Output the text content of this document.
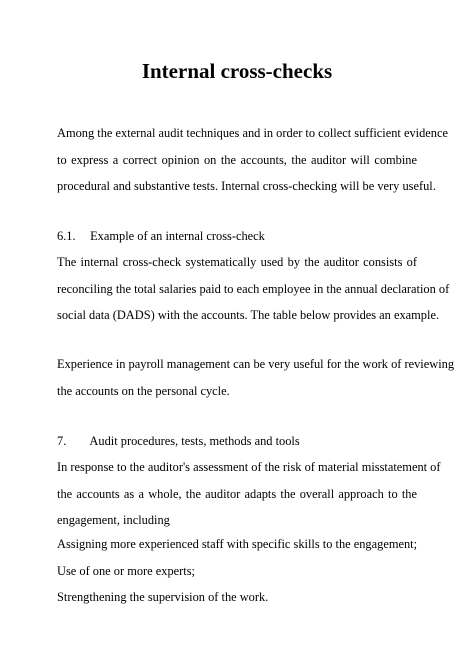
Internal cross-checks

Among the external audit techniques and in order to collect sufficient evidence
to express a correct opinion on the accounts, the auditor will combine
procedural and substantive tests. Internal cross-checking will be very useful.

6.1. Example of an internal cross-check

The internal cross-check systematically used by the auditor consists of
reconciling the total salaries paid to each employee in the annual declaration of
social data (DADS) with the accounts. The table below provides an example.

Experience in payroll management can be very useful for the work of reviewing
the accounts on the personal cycle.

7. Audit procedures, tests, methods and tools

In response to the auditor's assessment of the risk of material misstatement of
the accounts as a whole, the auditor adapts the overall approach to the
engagement, including

Assigning more experienced staff with specific skills to the engagement;
Use of one or more experts;
Strengthening the supervision of the work.
